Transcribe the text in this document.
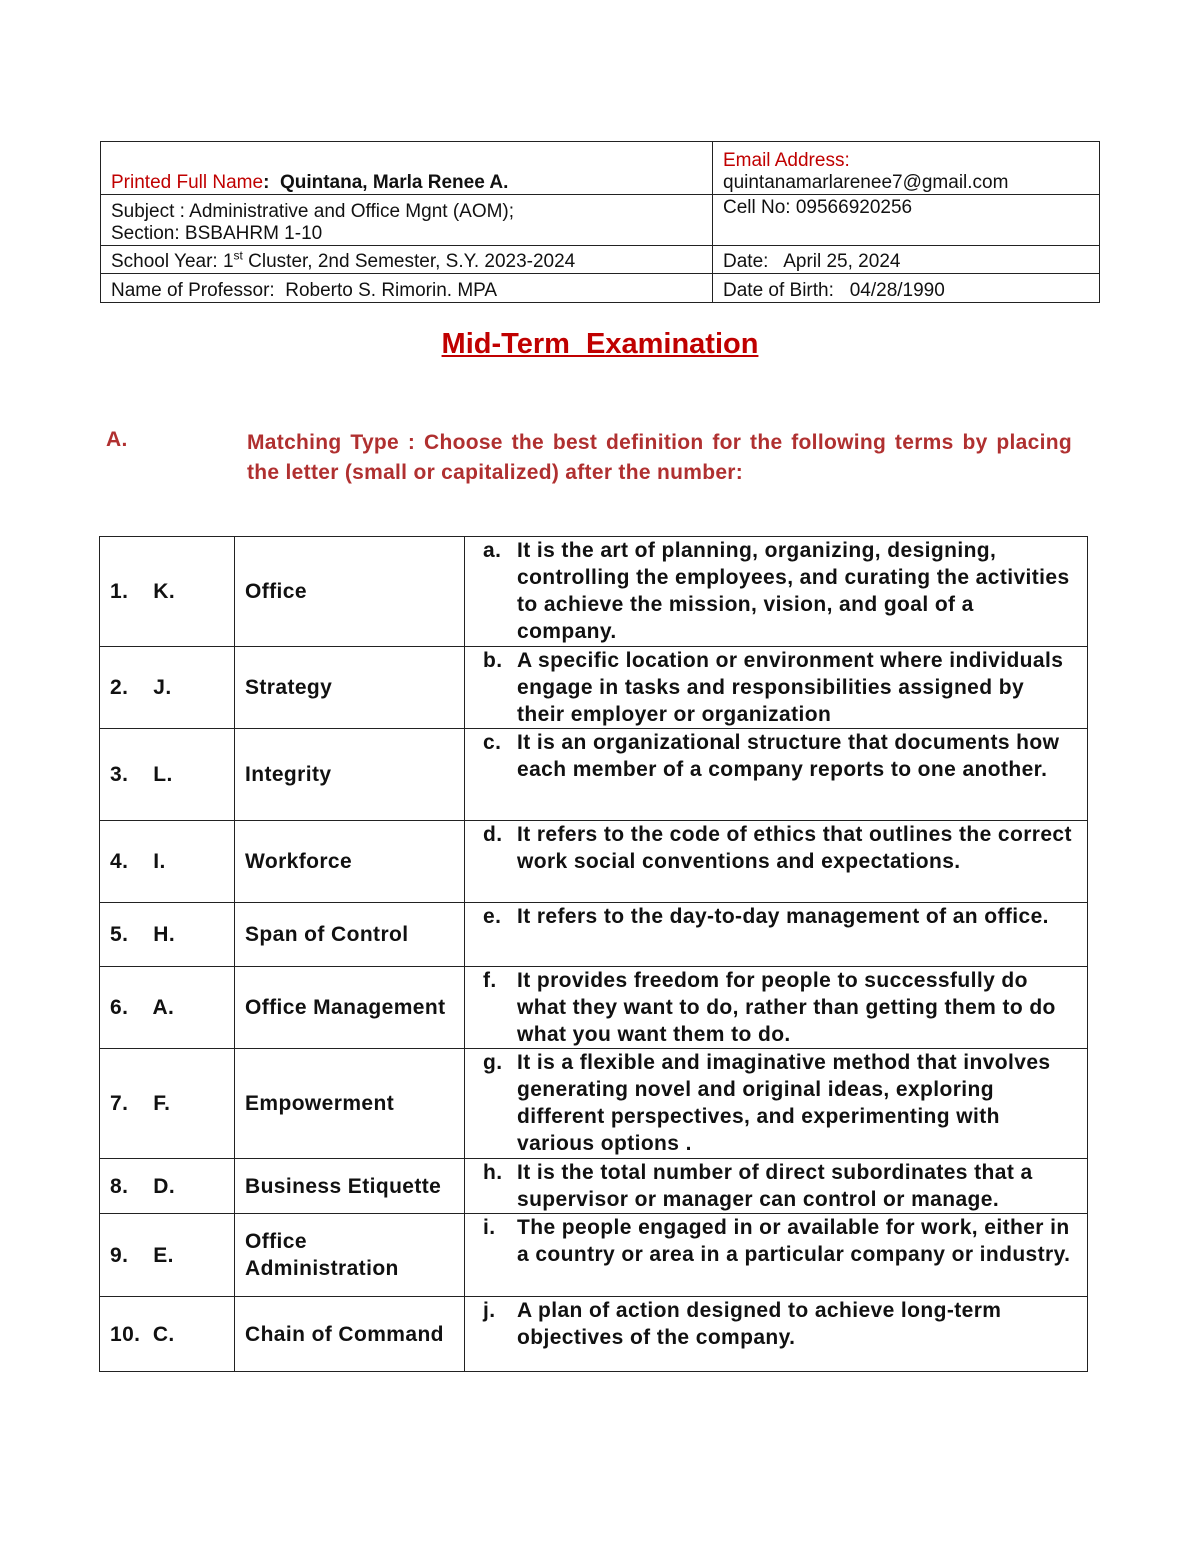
Printed Full Name:  Quintana, Marla Renee A.	Email Address:
quintanamarlarenee7@gmail.com

Subject : Administrative and Office Mgnt (AOM);
Section: BSBAHRM 1-10	Cell No: 09566920256
School Year: 1st Cluster, 2nd Semester, S.Y. 2023-2024	Date:   April 25, 2024
Name of Professor:  Roberto S. Rimorin. MPA	Date of Birth:   04/28/1990
Mid-Term  Examination
A.	Matching Type : Choose the best definition for the following terms by placing the letter (small or capitalized) after the number:
1.    K.	Office	a. It is the art of planning, organizing, designing, controlling the employees, and curating the activities to achieve the mission, vision, and goal of a company.

2.    J.	Strategy	b. A specific location or environment where individuals engage in tasks and responsibilities assigned by their employer or organization

3.    L.	Integrity	c. It is an organizational structure that documents how each member of a company reports to one another.

4.    I.	Workforce	d. It refers to the code of ethics that outlines the correct work social conventions and expectations.

5.    H.	Span of Control	e. It refers to the day-to-day management of an office.

6.    A.	Office Management	f. It provides freedom for people to successfully do what they want to do, rather than getting them to do what you want them to do.

7.    F.	Empowerment	g. It is a flexible and imaginative method that involves generating novel and original ideas, exploring different perspectives, and experimenting with various options .

8.    D.	Business Etiquette	h. It is the total number of direct subordinates that a supervisor or manager can control or manage.

9.    E.	Office Administration	i. The people engaged in or available for work, either in a country or area in a particular company or industry.

10.  C.	Chain of Command	j. A plan of action designed to achieve long-term objectives of the company.
